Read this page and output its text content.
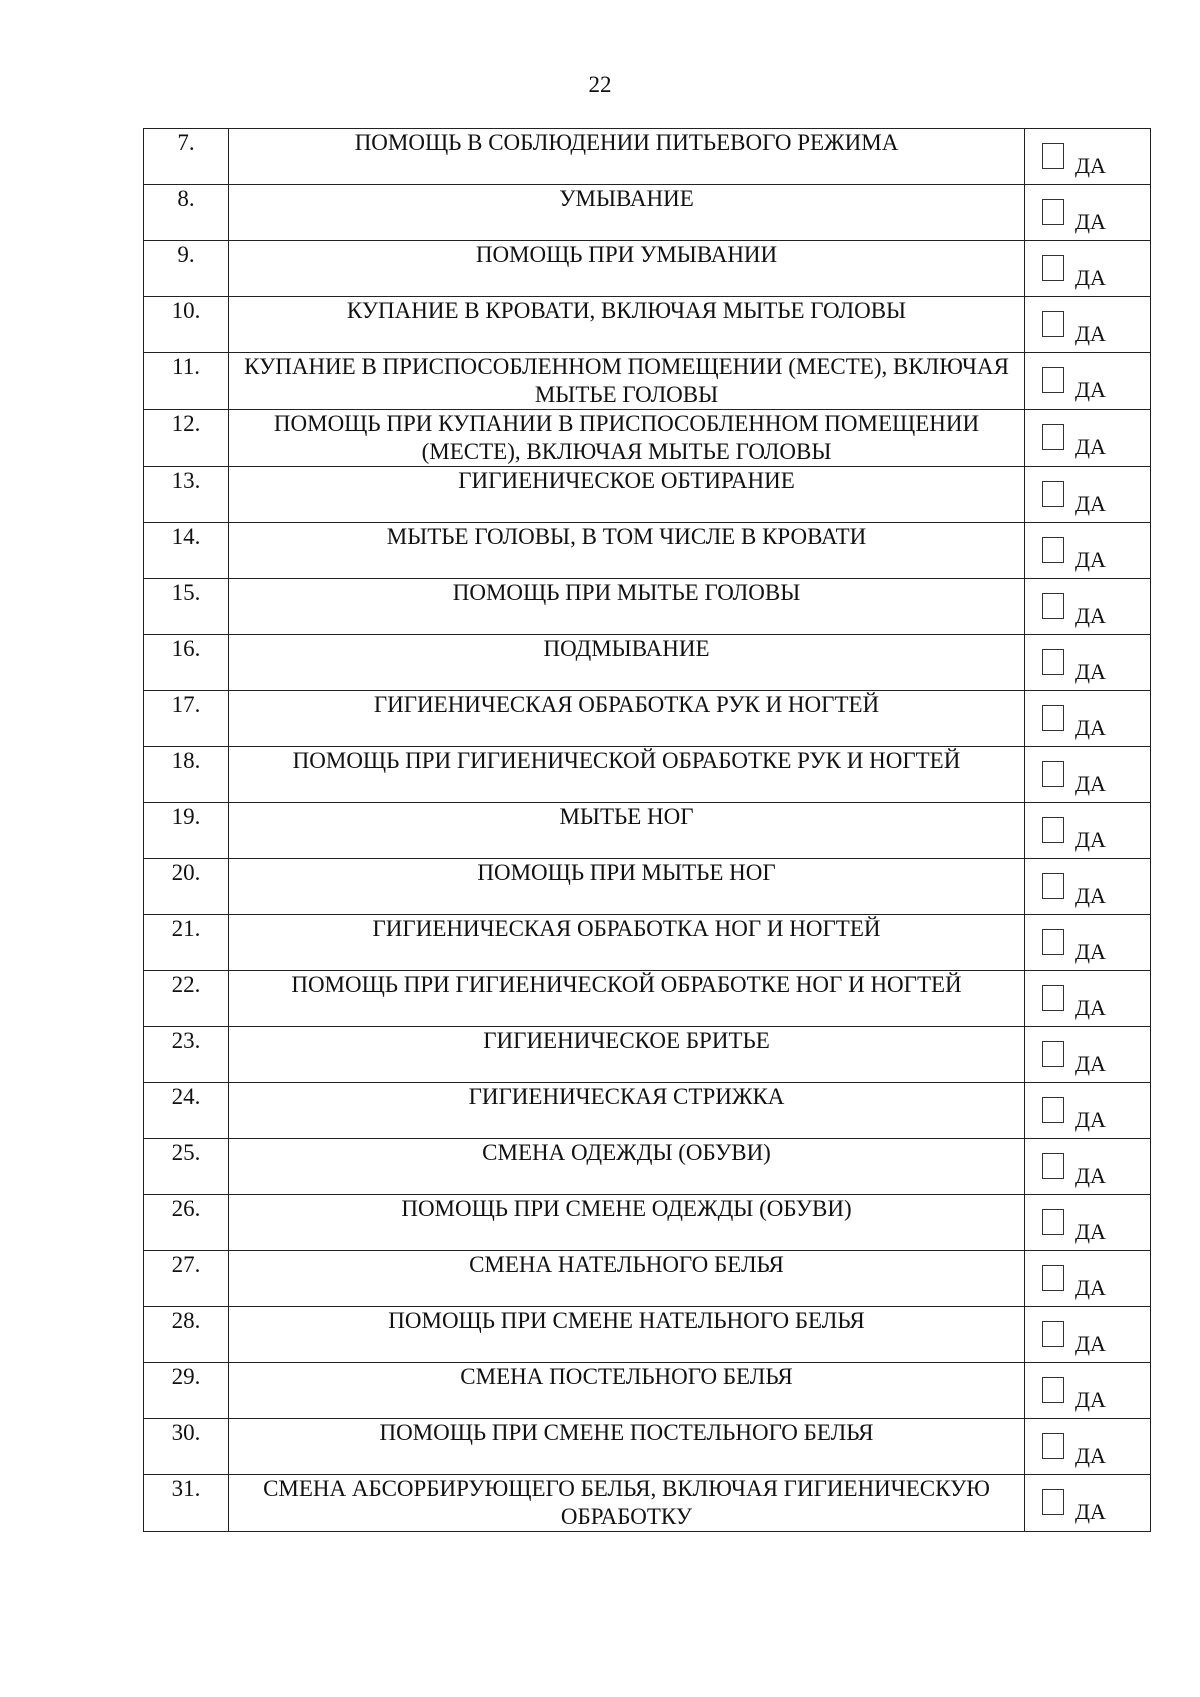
22
7.	ПОМОЩЬ В СОБЛЮДЕНИИ ПИТЬЕВОГО РЕЖИМА	ДА

8.	УМЫВАНИЕ	ДА

9.	ПОМОЩЬ ПРИ УМЫВАНИИ	ДА

10.	КУПАНИЕ В КРОВАТИ, ВКЛЮЧАЯ МЫТЬЕ ГОЛОВЫ	ДА

11.	КУПАНИЕ В ПРИСПОСОБЛЕННОМ ПОМЕЩЕНИИ (МЕСТЕ), ВКЛЮЧАЯ МЫТЬЕ ГОЛОВЫ	ДА

12.	ПОМОЩЬ ПРИ КУПАНИИ В ПРИСПОСОБЛЕННОМ ПОМЕЩЕНИИ (МЕСТЕ), ВКЛЮЧАЯ МЫТЬЕ ГОЛОВЫ	ДА

13.	ГИГИЕНИЧЕСКОЕ ОБТИРАНИЕ	ДА

14.	МЫТЬЕ ГОЛОВЫ, В ТОМ ЧИСЛЕ В КРОВАТИ	ДА

15.	ПОМОЩЬ ПРИ МЫТЬЕ ГОЛОВЫ	ДА

16.	ПОДМЫВАНИЕ	ДА

17.	ГИГИЕНИЧЕСКАЯ ОБРАБОТКА РУК И НОГТЕЙ	ДА

18.	ПОМОЩЬ ПРИ ГИГИЕНИЧЕСКОЙ ОБРАБОТКЕ РУК И НОГТЕЙ	ДА

19.	МЫТЬЕ НОГ	ДА

20.	ПОМОЩЬ ПРИ МЫТЬЕ НОГ	ДА

21.	ГИГИЕНИЧЕСКАЯ ОБРАБОТКА НОГ И НОГТЕЙ	ДА

22.	ПОМОЩЬ ПРИ ГИГИЕНИЧЕСКОЙ ОБРАБОТКЕ НОГ И НОГТЕЙ	ДА

23.	ГИГИЕНИЧЕСКОЕ БРИТЬЕ	ДА

24.	ГИГИЕНИЧЕСКАЯ СТРИЖКА	ДА

25.	СМЕНА ОДЕЖДЫ (ОБУВИ)	ДА

26.	ПОМОЩЬ ПРИ СМЕНЕ ОДЕЖДЫ (ОБУВИ)	ДА

27.	СМЕНА НАТЕЛЬНОГО БЕЛЬЯ	ДА

28.	ПОМОЩЬ ПРИ СМЕНЕ НАТЕЛЬНОГО БЕЛЬЯ	ДА

29.	СМЕНА ПОСТЕЛЬНОГО БЕЛЬЯ	ДА

30.	ПОМОЩЬ ПРИ СМЕНЕ ПОСТЕЛЬНОГО БЕЛЬЯ	ДА

31.	СМЕНА АБСОРБИРУЮЩЕГО БЕЛЬЯ, ВКЛЮЧАЯ ГИГИЕНИЧЕСКУЮ ОБРАБОТКУ	ДА
